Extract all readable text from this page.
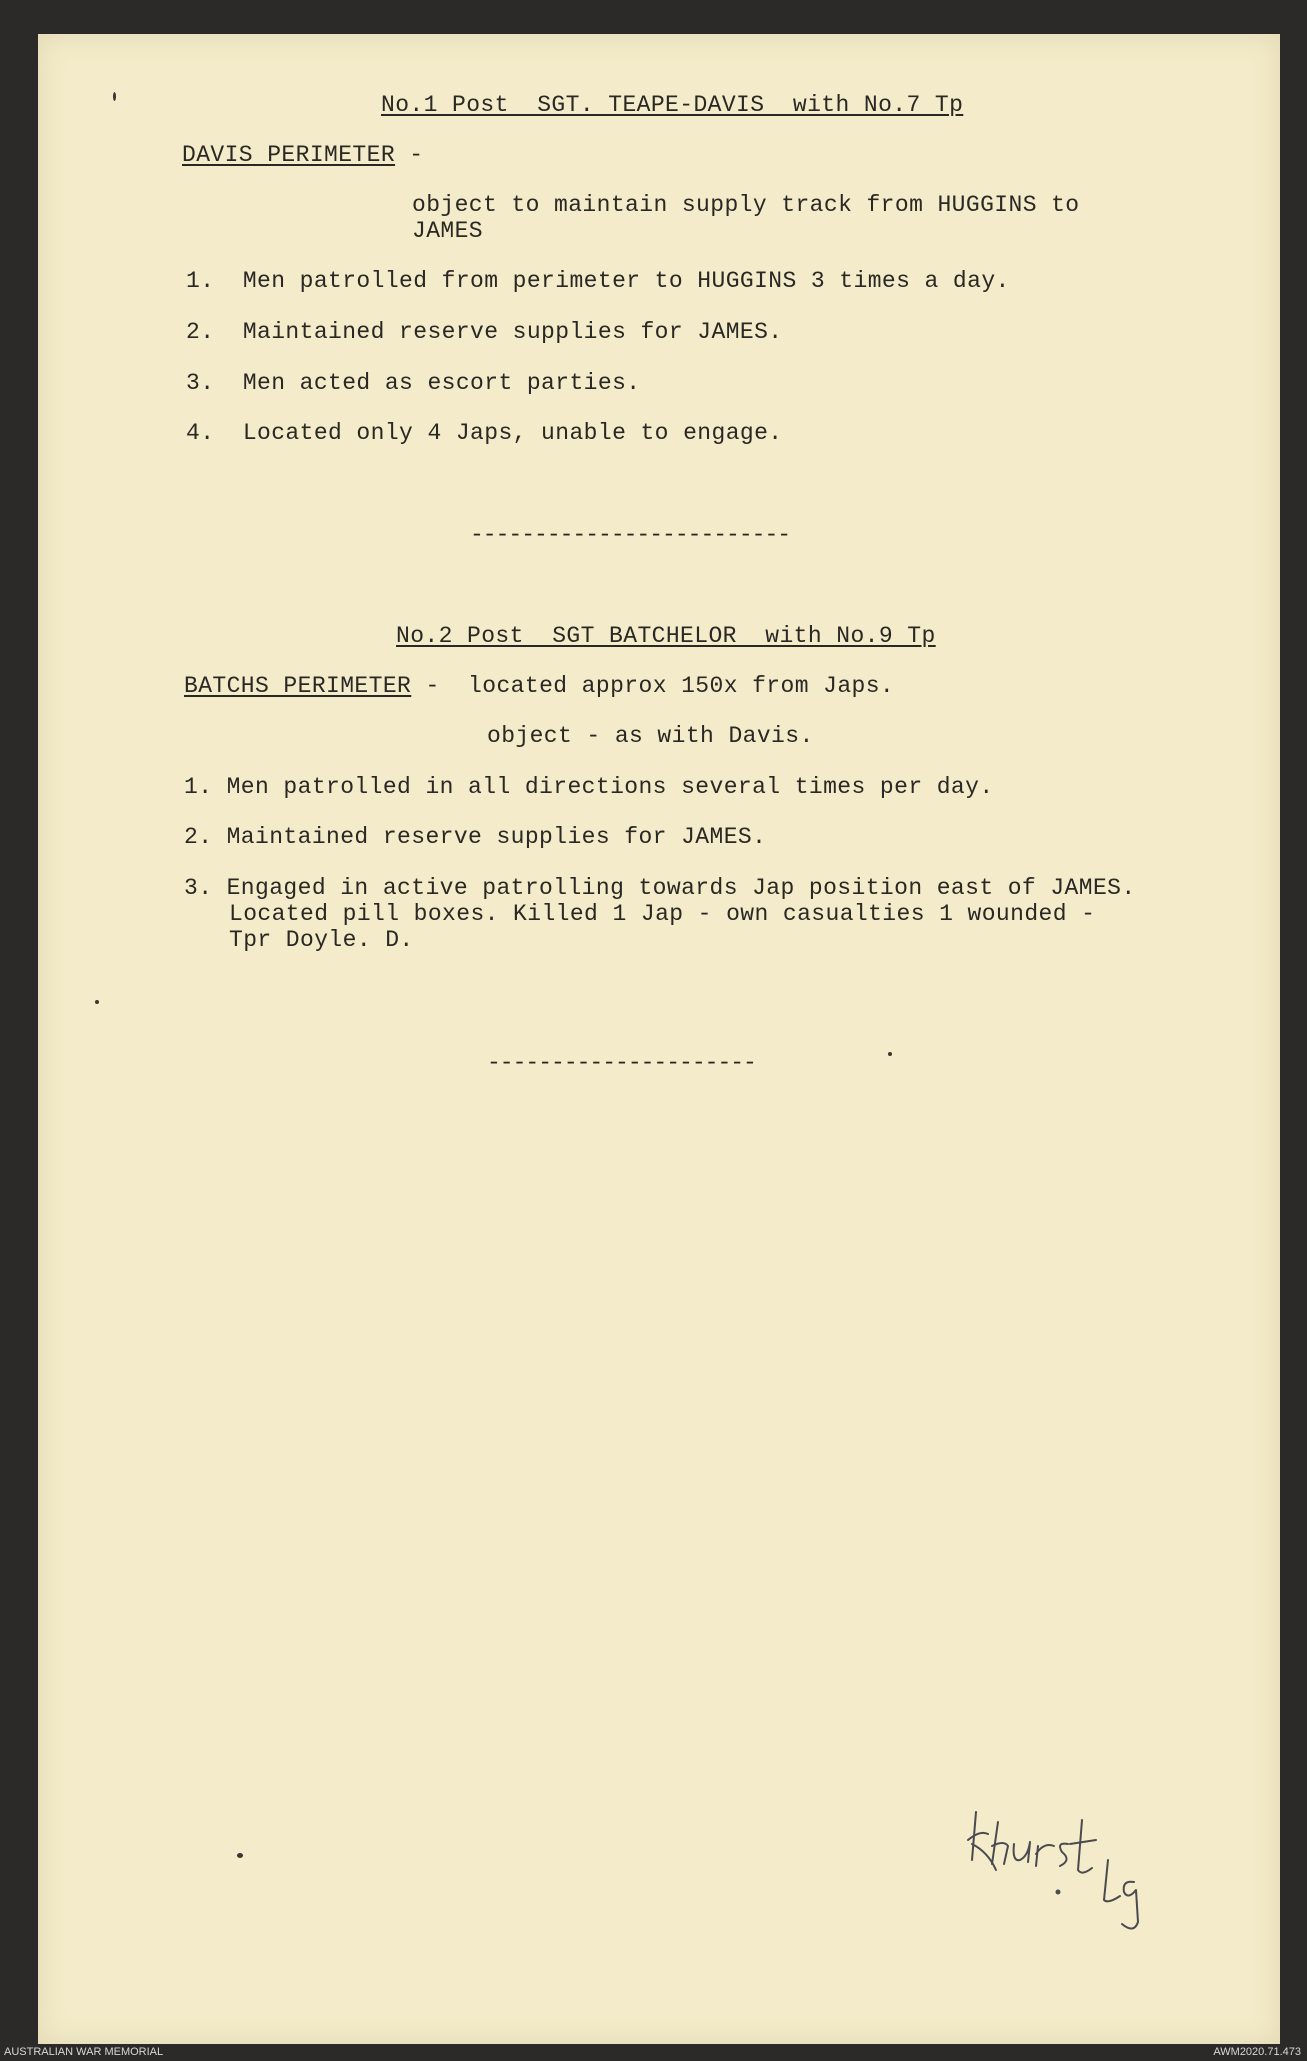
No.1 Post  SGT. TEAPE-DAVIS  with No.7 Tp
DAVIS PERIMETER -
object to maintain supply track from HUGGINS to
JAMES
1. Men patrolled from perimeter to HUGGINS 3 times a day.
2. Maintained reserve supplies for JAMES.
3. Men acted as escort parties.
4. Located only 4 Japs, unable to engage.
-------------------------
No.2 Post  SGT BATCHELOR  with No.9 Tp
BATCHS PERIMETER -  located approx 150x from Japs.
object - as with Davis.
1. Men patrolled in all directions several times per day.
2. Maintained reserve supplies for JAMES.
3. Engaged in active patrolling towards Jap position east of JAMES.
Located pill boxes. Killed 1 Jap - own casualties 1 wounded -
Tpr Doyle. D.
---------------------
AUSTRALIAN WAR MEMORIAL	AWM2020.71.473
